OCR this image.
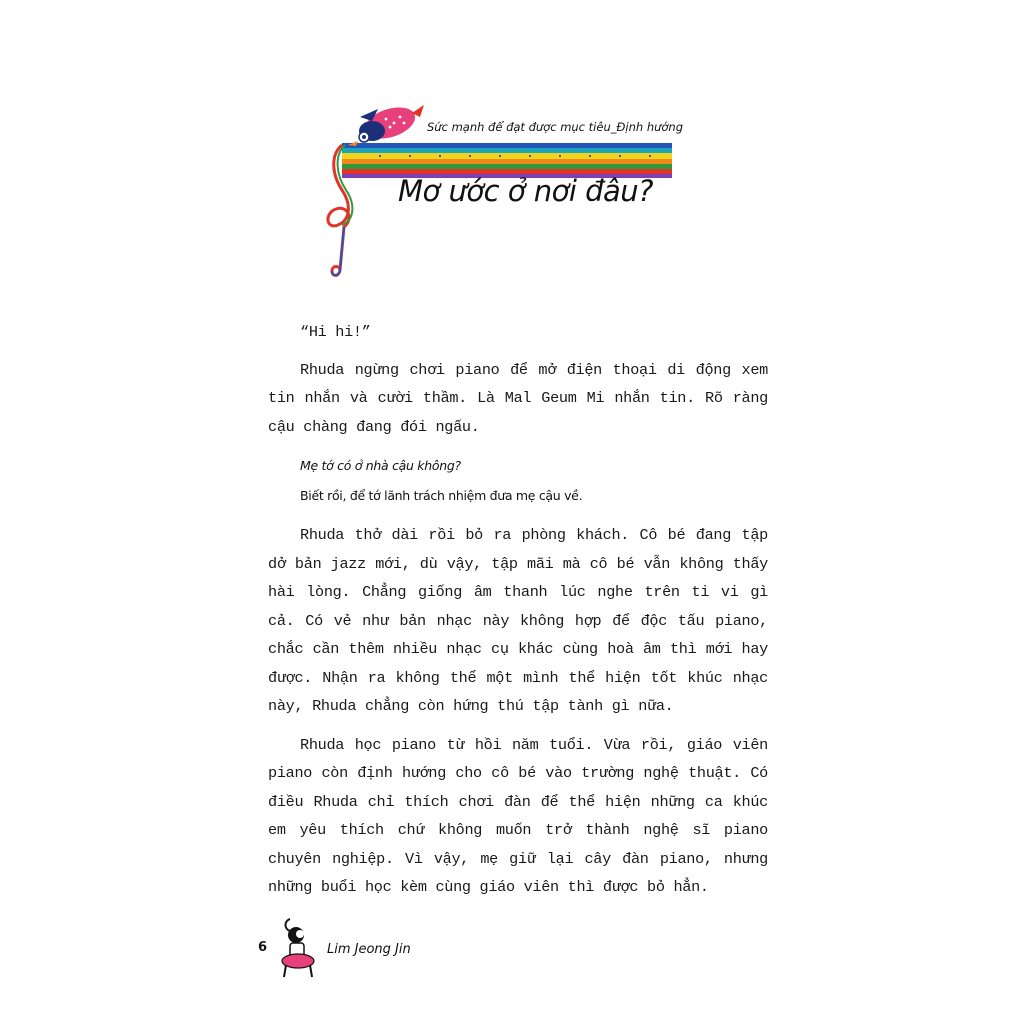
Sức mạnh để đạt được mục tiêu_Định hướng
Mơ ước ở nơi đâu?

“Hi hi!”

Rhuda ngừng chơi piano để mở điện thoại di động xem tin nhắn và cười thầm. Là Mal Geum Mi nhắn tin. Rõ ràng cậu chàng đang đói ngấu.

Mẹ tớ có ở nhà cậu không?
Biết rồi, để tớ lãnh trách nhiệm đưa mẹ cậu về.

Rhuda thở dài rồi bỏ ra phòng khách. Cô bé đang tập dở bản jazz mới, dù vậy, tập mãi mà cô bé vẫn không thấy hài lòng. Chẳng giống âm thanh lúc nghe trên ti vi gì cả. Có vẻ như bản nhạc này không hợp để độc tấu piano, chắc cần thêm nhiều nhạc cụ khác cùng hoà âm thì mới hay được. Nhận ra không thể một mình thể hiện tốt khúc nhạc này, Rhuda chẳng còn hứng thú tập tành gì nữa.

Rhuda học piano từ hồi năm tuổi. Vừa rồi, giáo viên piano còn định hướng cho cô bé vào trường nghệ thuật. Có điều Rhuda chỉ thích chơi đàn để thể hiện những ca khúc em yêu thích chứ không muốn trở thành nghệ sĩ piano chuyên nghiệp. Vì vậy, mẹ giữ lại cây đàn piano, nhưng những buổi học kèm cùng giáo viên thì được bỏ hẳn.

6	Lim Jeong Jin
